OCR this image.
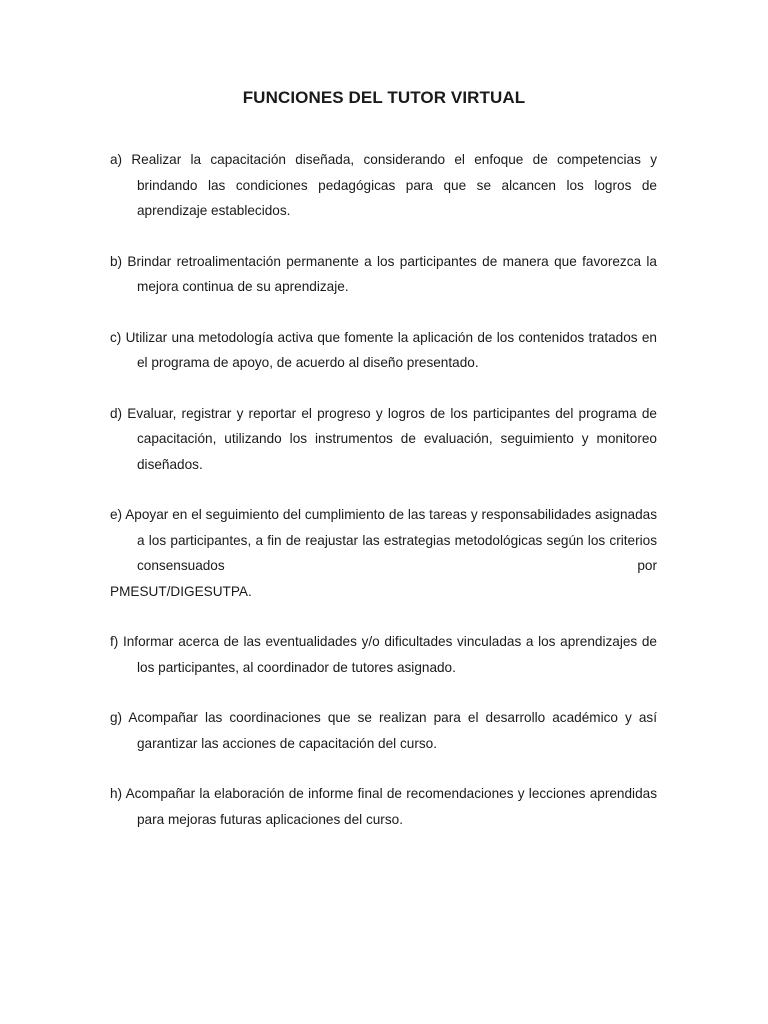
FUNCIONES DEL TUTOR VIRTUAL
a) Realizar la capacitación diseñada, considerando el enfoque de competencias y brindando las condiciones pedagógicas para que se alcancen los logros de aprendizaje establecidos.
b) Brindar retroalimentación permanente a los participantes de manera que favorezca la mejora continua de su aprendizaje.
c) Utilizar una metodología activa que fomente la aplicación de los contenidos tratados en el programa de apoyo, de acuerdo al diseño presentado.
d) Evaluar, registrar y reportar el progreso y logros de los participantes del programa de capacitación, utilizando los instrumentos de evaluación, seguimiento y monitoreo diseñados.
e) Apoyar en el seguimiento del cumplimiento de las tareas y responsabilidades asignadas a los participantes, a fin de reajustar las estrategias metodológicas según los criterios consensuados por
PMESUT/DIGESUTPA.
f) Informar acerca de las eventualidades y/o dificultades vinculadas a los aprendizajes de los participantes, al coordinador de tutores asignado.
g) Acompañar las coordinaciones que se realizan para el desarrollo académico y así garantizar las acciones de capacitación del curso.
h) Acompañar la elaboración de informe final de recomendaciones y lecciones aprendidas para mejoras futuras aplicaciones del curso.
